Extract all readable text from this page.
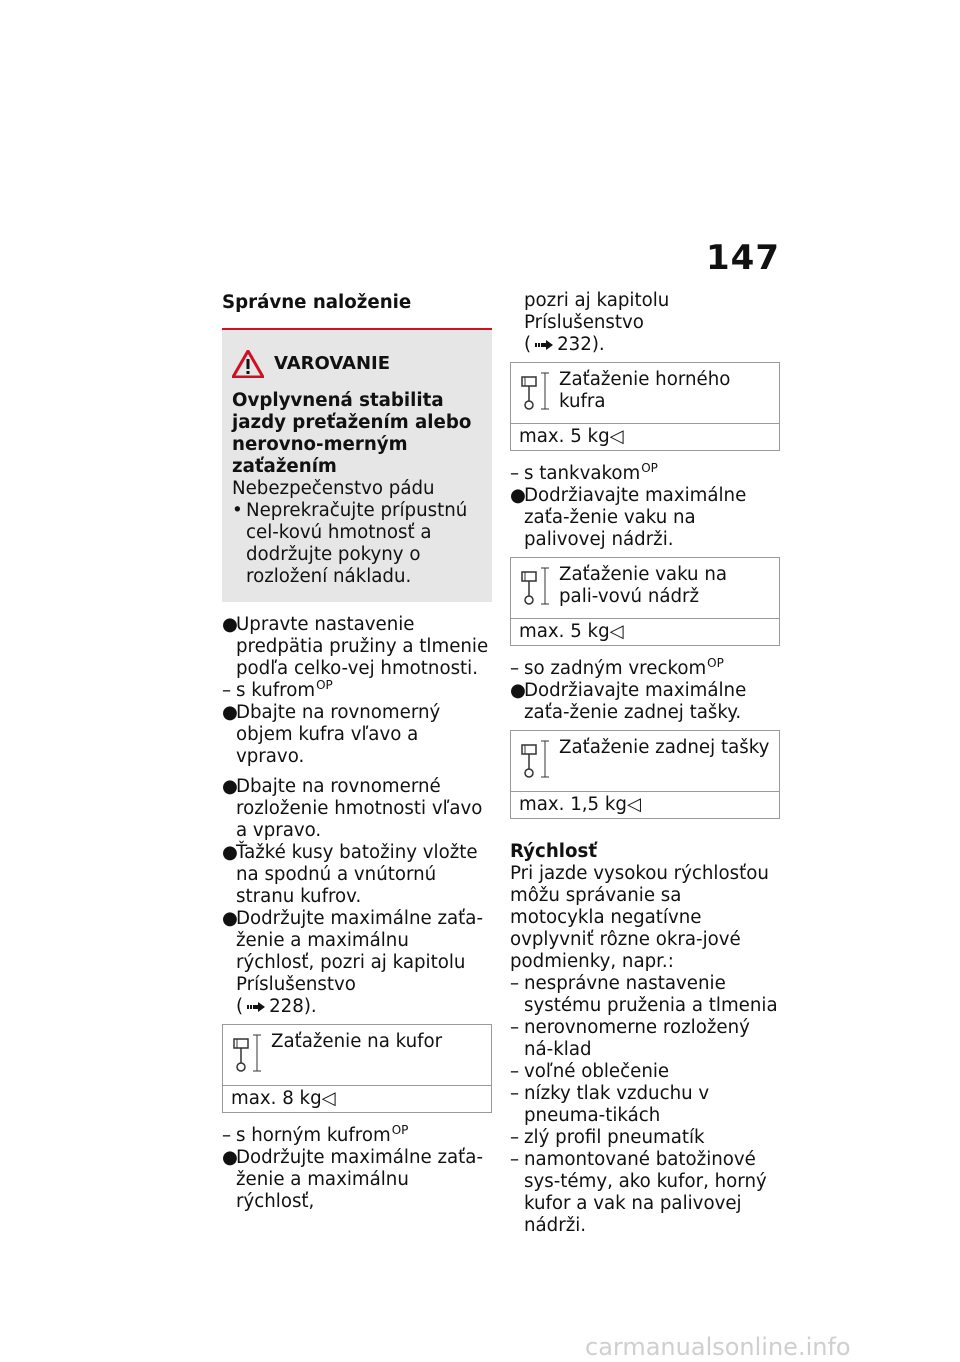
147
Správne naloženie
VAROVANIE
Ovplyvnená stabilita jazdy preťažením alebo nerovno-merným zaťažením
Nebezpečenstvo pádu
• Neprekračujte prípustnú cel-kovú hmotnosť a dodržujte pokyny o rozložení nákladu.
●
Upravte nastavenie predpätia pružiny a tlmenie podľa celko-vej hmotnosti.
– s kufrom$^{OP}$
●
Dbajte na rovnomerný objem kufra vľavo a vpravo.
●
Dbajte na rovnomerné rozloženie hmotnosti vľavo a vpravo.
●
Ťažké kusy batožiny vložte na spodnú a vnútornú stranu kufrov.
●
Dodržujte maximálne zaťa-ženie a maximálnu rýchlosť, pozri aj kapitolu Príslušenstvo
( 228).
Zaťaženie na kufor
max. 8 kg◁
– s horným kufrom$^{OP}$
●
Dodržujte maximálne zaťa-ženie a maximálnu rýchlosť,
pozri aj kapitolu Príslušenstvo
( 232).
Zaťaženie horného kufra
max. 5 kg◁
– s tankvakom$^{OP}$
●
Dodržiavajte maximálne zaťa-ženie vaku na palivovej nádrži.
Zaťaženie vaku na pali-vovú nádrž
max. 5 kg◁
– so zadným vreckom$^{OP}$
●
Dodržiavajte maximálne zaťa-ženie zadnej tašky.
Zaťaženie zadnej tašky
max. 1,5 kg◁
Rýchlosť
Pri jazde vysokou rýchlosťou môžu správanie sa motocykla negatívne ovplyvniť rôzne okra-jové podmienky, napr.:
– nesprávne nastavenie systému pruženia a tlmenia
– nerovnomerne rozložený ná-klad
– voľné oblečenie
– nízky tlak vzduchu v pneuma-tikách
– zlý profil pneumatík
– namontované batožinové sys-témy, ako kufor, horný kufor a vak na palivovej nádrži.
carmanualsonline.info
